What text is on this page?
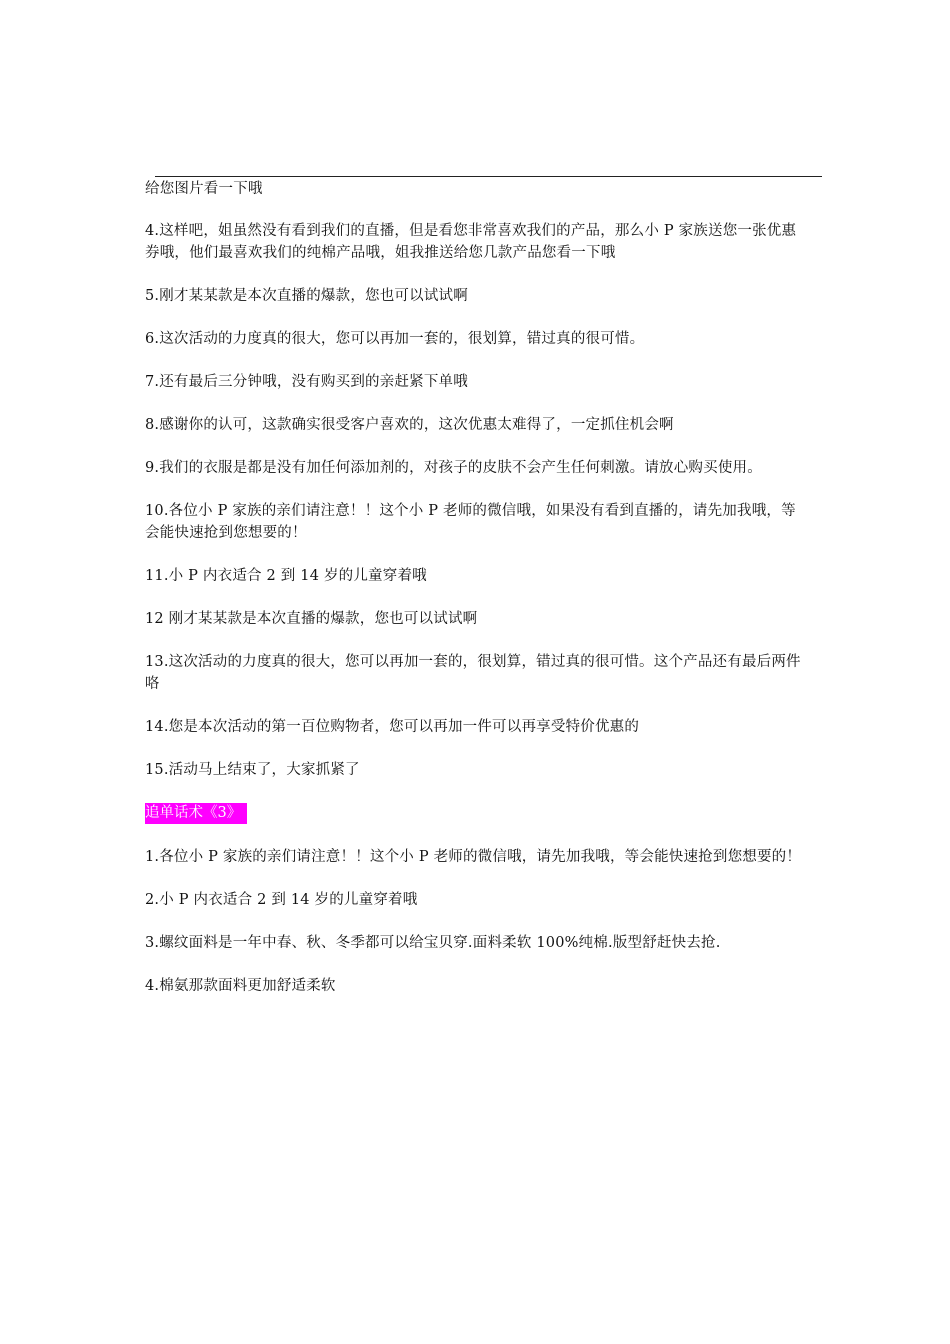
给您图片看一下哦

4.这样吧，姐虽然没有看到我们的直播，但是看您非常喜欢我们的产品，那么小 P 家族送您一张优惠券哦，他们最喜欢我们的纯棉产品哦，姐我推送给您几款产品您看一下哦

5.刚才某某款是本次直播的爆款，您也可以试试啊

6.这次活动的力度真的很大，您可以再加一套的，很划算，错过真的很可惜。

7.还有最后三分钟哦，没有购买到的亲赶紧下单哦

8.感谢你的认可，这款确实很受客户喜欢的，这次优惠太难得了，一定抓住机会啊

9.我们的衣服是都是没有加任何添加剂的，对孩子的皮肤不会产生任何刺激。请放心购买使用。

10.各位小 P 家族的亲们请注意！！这个小 P 老师的微信哦，如果没有看到直播的，请先加我哦，等会能快速抢到您想要的！

11.小 P 内衣适合 2 到 14 岁的儿童穿着哦

12 刚才某某款是本次直播的爆款，您也可以试试啊

13.这次活动的力度真的很大，您可以再加一套的，很划算，错过真的很可惜。这个产品还有最后两件咯

14.您是本次活动的第一百位购物者，您可以再加一件可以再享受特价优惠的

15.活动马上结束了，大家抓紧了

追单话术《3》

1.各位小 P 家族的亲们请注意！！这个小 P 老师的微信哦，请先加我哦，等会能快速抢到您想要的！

2.小 P 内衣适合 2 到 14 岁的儿童穿着哦

3.螺纹面料是一年中春、秋、冬季都可以给宝贝穿.面料柔软 100%纯棉.版型舒赶快去抢.

4.棉氨那款面料更加舒适柔软
